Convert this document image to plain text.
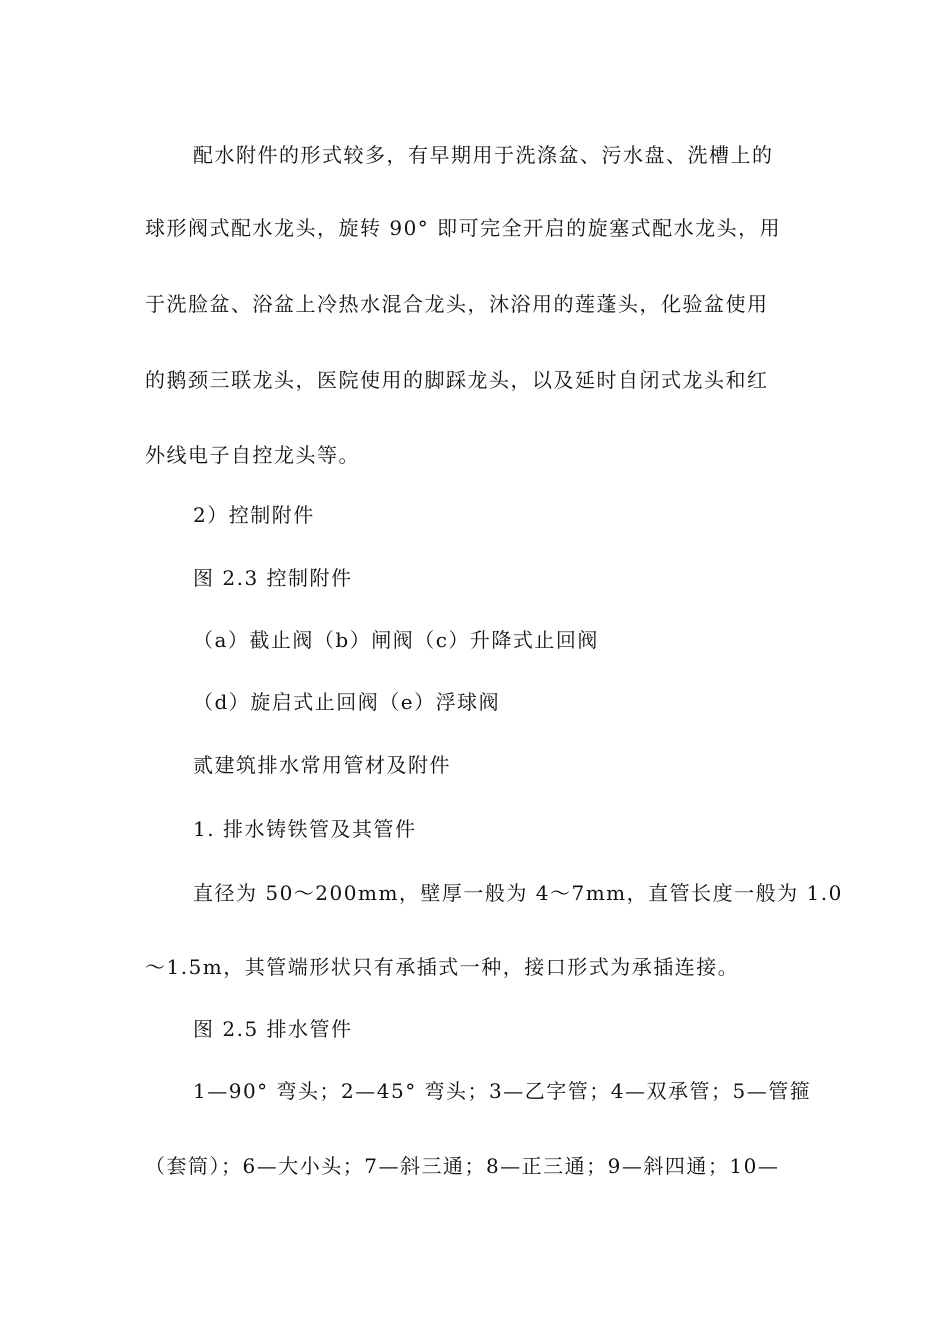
配水附件的形式较多，有早期用于洗涤盆、污水盘、洗槽上的
球形阀式配水龙头，旋转 90° 即可完全开启的旋塞式配水龙头，用
于洗脸盆、浴盆上冷热水混合龙头，沐浴用的莲蓬头，化验盆使用
的鹅颈三联龙头，医院使用的脚踩龙头，以及延时自闭式龙头和红
外线电子自控龙头等。
2）控制附件
图 2.3 控制附件
（a）截止阀（b）闸阀（c）升降式止回阀
（d）旋启式止回阀（e）浮球阀
贰建筑排水常用管材及附件
1. 排水铸铁管及其管件
直径为 50～200mm，壁厚一般为 4～7mm，直管长度一般为 1.0
～1.5m，其管端形状只有承插式一种，接口形式为承插连接。
图 2.5 排水管件
1—90° 弯头；2—45° 弯头；3—乙字管；4—双承管；5—管箍
（套筒）；6—大小头；7—斜三通；8—正三通；9—斜四通；10—
